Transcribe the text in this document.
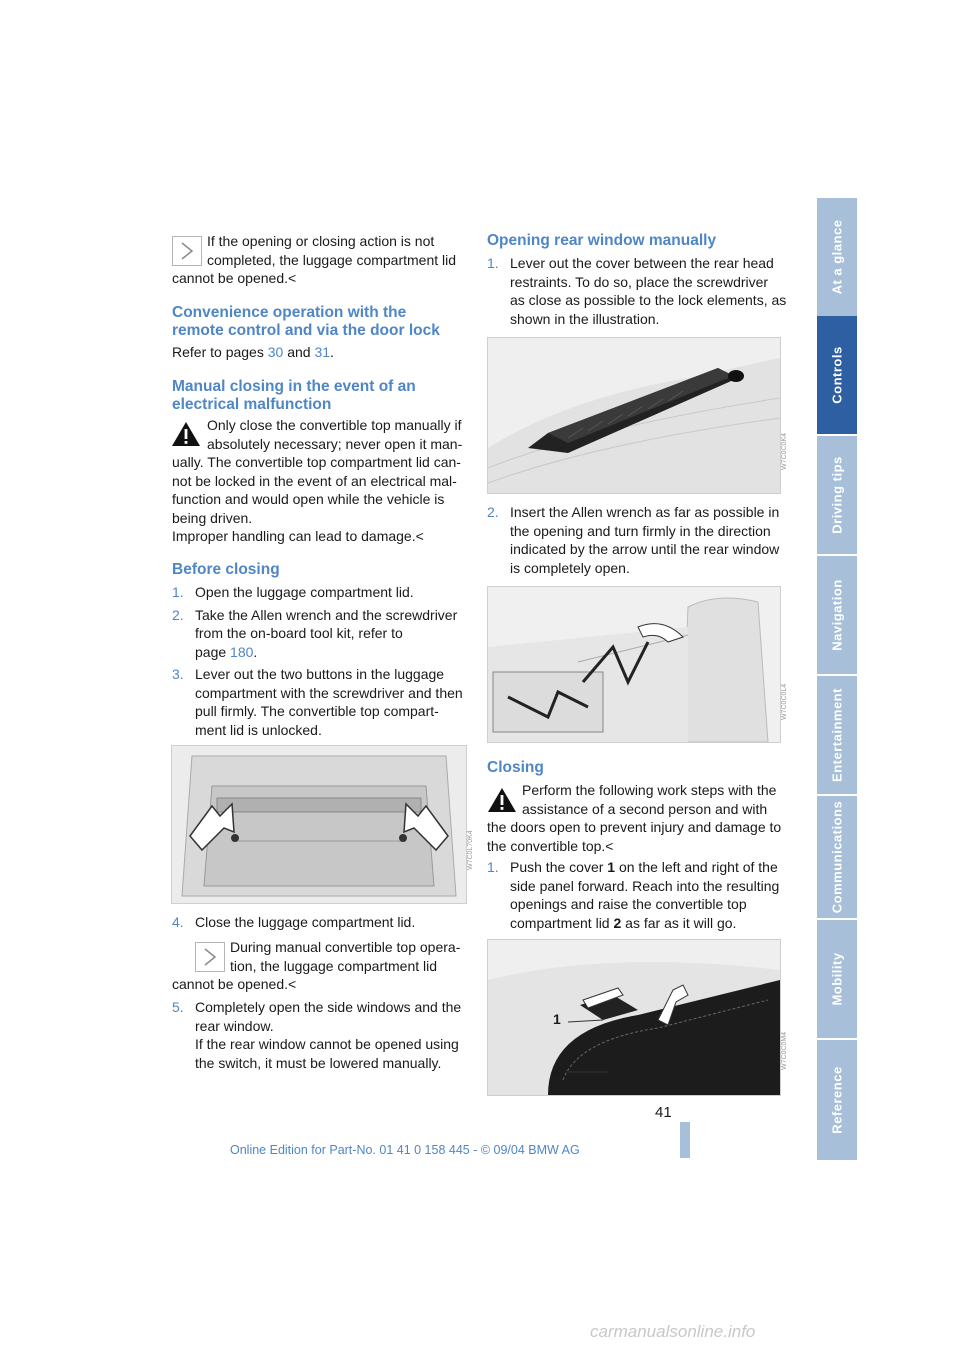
If the opening or closing action is not
completed, the luggage compartment lid
cannot be opened.<
Convenience operation with the
remote control and via the door lock
Refer to pages 30 and 31.
Manual closing in the event of an
electrical malfunction
Only close the convertible top manually if
absolutely necessary; never open it man-
ually. The convertible top compartment lid can-
not be locked in the event of an electrical mal-
function and would open while the vehicle is
being driven.
Improper handling can lead to damage.<
Before closing
1. Open the luggage compartment lid.
2. Take the Allen wrench and the screwdriver
from the on-board tool kit, refer to
page 180.
3. Lever out the two buttons in the luggage
compartment with the screwdriver and then
pull firmly. The convertible top compart-
ment lid is unlocked.
W7C0L70K4
4. Close the luggage compartment lid.
During manual convertible top opera-
tion, the luggage compartment lid
cannot be opened.<
5. Completely open the side windows and the
rear window.
If the rear window cannot be opened using
the switch, it must be lowered manually.
Opening rear window manually
1. Lever out the cover between the rear head
restraints. To do so, place the screwdriver
as close as possible to the lock elements, as
shown in the illustration.
W7C0C0K4
2. Insert the Allen wrench as far as possible in
the opening and turn firmly in the direction
indicated by the arrow until the rear window
is completely open.
W7C0C0L4
Closing
Perform the following work steps with the
assistance of a second person and with
the doors open to prevent injury and damage to
the convertible top.<
1. Push the cover 1 on the left and right of the
side panel forward. Reach into the resulting
openings and raise the convertible top
compartment lid 2 as far as it will go.
1
2	W7C0C0M4
At a glance
Controls
Driving tips
Navigation
Entertainment
Communications
Mobility
Reference
41
Online Edition for Part-No. 01 41 0 158 445 - © 09/04 BMW AG
carmanualsonline.info
